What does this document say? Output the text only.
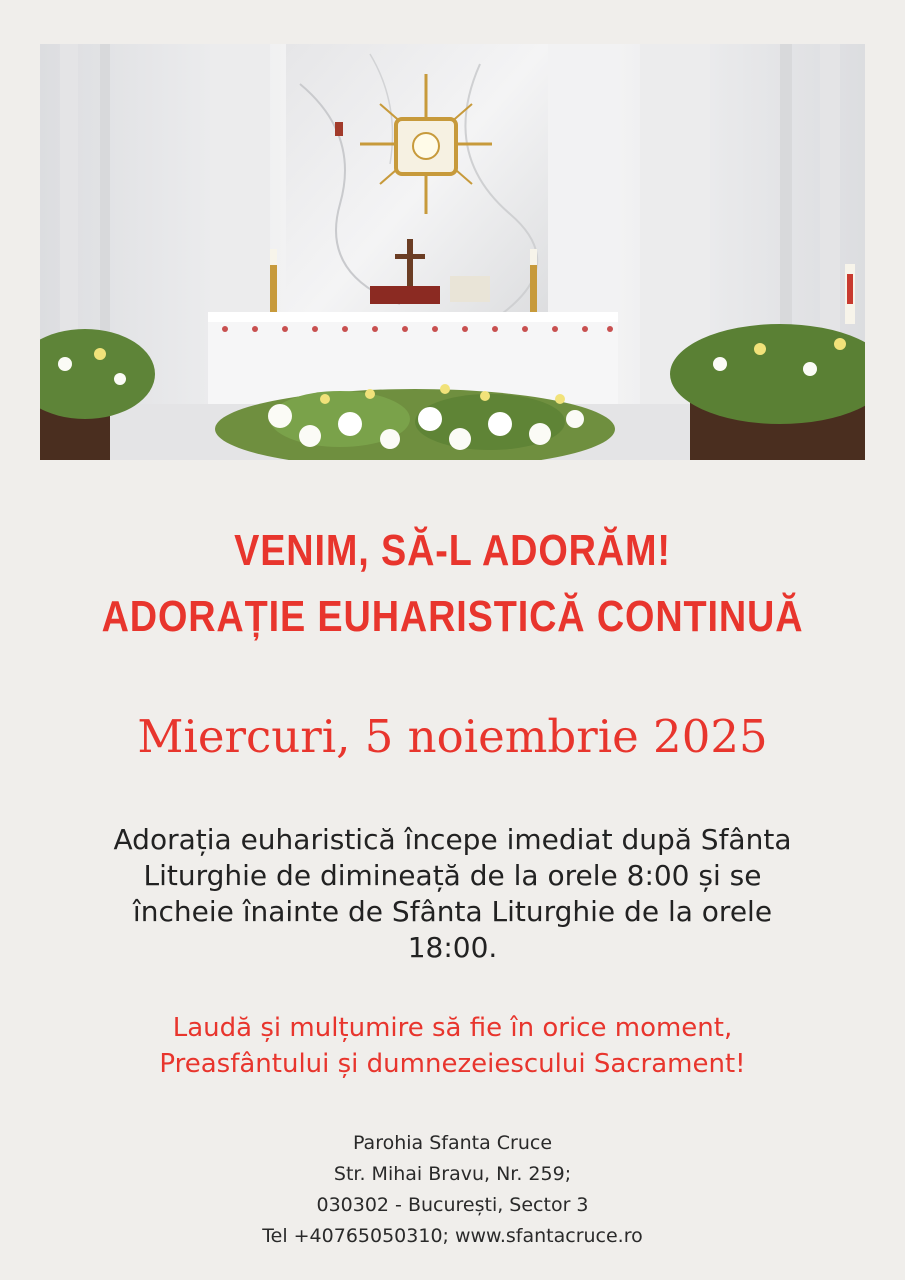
VENIM, SĂ-L ADORĂM!
ADORAȚIE EUHARISTICĂ CONTINUĂ
Miercuri, 5 noiembrie 2025
Adorația euharistică începe imediat după Sfânta
Liturghie de dimineață de la orele 8:00 și se
încheie înainte de Sfânta Liturghie de la orele
18:00.
Laudă și mulțumire să fie în orice moment,
Preasfântului și dumnezeiescului Sacrament!
Parohia Sfanta Cruce
Str. Mihai Bravu, Nr. 259;
030302 - București, Sector 3
Tel +40765050310; www.sfantacruce.ro
